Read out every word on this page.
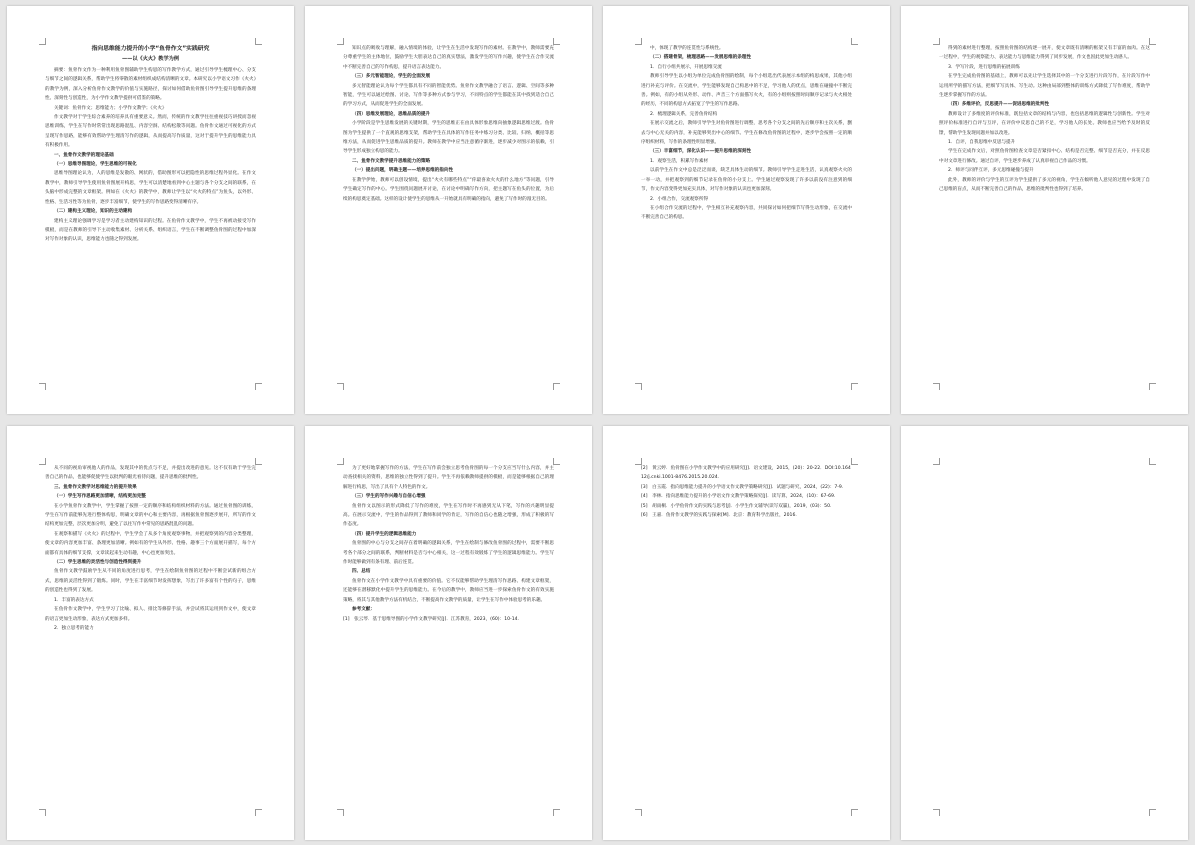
指向思维能力提升的小学“鱼骨作文”实践研究

——以《火火》教学为例

摘要：鱼骨作文作为一种利用鱼骨图辅助学生构思的写作教学方式，通过引导学生梳理中心、分支与细节之间的逻辑关系，帮助学生将零散的素材组织成结构清晰的文章。本研究以小学语文习作《火火》的教学为例，深入分析鱼骨作文教学的价值与实施路径，探讨如何借助鱼骨图引导学生提升思维的条理性、深刻性与创造性，为小学作文教学提供可借鉴的策略。

关键词：鱼骨作文；思维能力；小学作文教学；《火火》

作文教学对于学生综合素养的培养具有重要意义。然而，传统的作文教学往往重视技巧讲授而忽视思维训练，学生在写作时常常出现思路混乱、内容空洞、结构松散等问题。鱼骨作文通过可视化的方式呈现写作思路，能够有效帮助学生理清写作的逻辑，从而提高写作质量，这对于提升学生的思维能力具有积极作用。

一、鱼骨作文教学的理论基础

（一）思维导图理论，学生思维的可视化

思维导图理论认为，人的思维是发散的、网状的，借助图形可以把隐性的思维过程外显化。在作文教学中，教师引导学生使用鱼骨图展开构思，学生可以清楚地看到中心主题与各个分支之间的联系，在头脑中形成完整的文章框架。例如在《火火》的教学中，教师让学生以“火火的特点”为鱼头，以外形、性格、生活习性等为鱼骨，逐步丰富细节，使学生的写作思路变得清晰有序。

（二）建构主义理论，知识的主动建构

建构主义理论强调学习是学习者主动建构知识的过程。在鱼骨作文教学中，学生不再被动接受写作模板，而是在教师的引导下主动收集素材、分析关系、组织语言，学生在不断调整鱼骨图的过程中加深对写作对象的认识，思维能力也随之得到发展。

知识点的吸收与理解，融入情境的体验，让学生在生活中发现写作的素材。在教学中，教师需要充分尊重学生的主体地位，鼓励学生大胆表达自己的真实想法，激发学生的写作兴趣，使学生在合作交流中不断完善自己的写作构思，提升语言表达能力。

（三）多元智能理论，学生的全面发展

多元智能理论认为每个学生都具有不同的智能优势。鱼骨作文教学融合了语言、逻辑、空间等多种智能，学生可以通过绘图、讨论、写作等多种方式参与学习，不同特点的学生都能在其中找到适合自己的学习方式，从而促进学生的全面发展。

（四）思维发展理论，思维品质的提升

小学阶段是学生思维发展的关键时期，学生的思维正在由具体形象思维向抽象逻辑思维过渡。鱼骨图为学生提供了一个直观的思维支架，帮助学生在具体的写作任务中练习分类、比较、归纳、概括等思维方法，从而促进学生思维品质的提升。教师在教学中应当注意循序渐进，逐步减少对图示的依赖，引导学生形成独立构思的能力。

二、鱼骨作文教学提升思维能力的策略

（一）提出问题，明确主题——培养思维的指向性

在教学伊始，教师可以创设情境，提出“火火有哪些特点”“你最喜欢火火的什么地方”等问题，引导学生确定写作的中心。学生围绕问题展开讨论，在讨论中明确写作方向，把主题写在鱼头的位置，为后续的构思奠定基础。这样的设计使学生的思维从一开始就具有明确的指向，避免了写作时的漫无目的。

中，体现了教学的连贯性与系统性。

（二）搭建骨架，梳理思路——发展思维的条理性

1．自行小组共展示，开展思维交流

教师引导学生以小组为单位完成鱼骨图的绘制，每个小组选出代表展示本组的构思成果，其他小组进行补充与评价。在交流中，学生能够发现自己构思中的不足，学习他人的优点，思维在碰撞中不断完善。例如，有的小组从外形、动作、声音三个方面描写火火，有的小组则按照时间顺序记录与火火相处的经历，不同的构思方式拓宽了学生的写作思路。

2．梳理逻辑关系，完善鱼骨结构

在展示交流之后，教师引导学生对鱼骨图进行调整，思考各个分支之间的先后顺序和主次关系，删去与中心无关的内容，补充能够突出中心的细节。学生在修改鱼骨图的过程中，逐步学会按照一定的顺序组织材料，写作的条理性明显增强。

（三）丰富细节，深化认识——提升思维的深刻性

1．观察生活，积累写作素材

以前学生在作文中总是泛泛而谈，缺乏具体生动的细节。教师引导学生走进生活，认真观察火火的一举一动，并把观察到的细节记录在鱼骨的小分支上。学生通过观察发现了许多以前没有注意到的细节，作文内容变得更加充实具体，对写作对象的认识也更加深刻。

2．小组合作，交流观察所得

在小组合作交流的过程中，学生相互补充观察内容，共同探讨如何把细节写得生动形象，在交流中不断完善自己的构思。

得到的素材进行整理，按照鱼骨图的结构逐一展开，使文章既有清晰的框架又有丰富的血肉。在这一过程中，学生的观察能力、表达能力与思维能力得到了同步发展，作文也因此更加生动感人。

3．学写片段，进行思维的拓展训练

在学生完成鱼骨图的基础上，教师可以先让学生选择其中的一个分支进行片段写作，在片段写作中运用所学的描写方法，把细节写具体、写生动。这种由局部到整体的训练方式降低了写作难度，帮助学生逐步掌握写作的方法。

（四）多维评价，反思提升——促进思维的批判性

教师设计了多维度的评价标准，既包括文章的结构与内容，也包括思维的逻辑性与创新性。学生对照评价标准进行自评与互评，在评价中反思自己的不足，学习他人的长处。教师也应当给予及时的反馈，帮助学生发现问题并加以改进。

1．自评，自我思维中反思与提升

学生在完成作文后，对照鱼骨图检查文章是否紧扣中心、结构是否完整、细节是否充分，并在反思中对文章进行修改。通过自评，学生逐步养成了认真审视自己作品的习惯。

2．师评与同伴互评，多元思维碰撞与提升

此外，教师的评价与学生的互评为学生提供了多元的视角，学生在倾听他人意见的过程中发现了自己思维的盲点，从而不断完善自己的作品，思维的批判性也得到了培养。

从不同的视角审视他人的作品，发现其中的优点与不足，并提出改进的意见。这不仅有助于学生完善自己的作品，也能够促使学生以批判的眼光看待问题，提升思维的批判性。

三、鱼骨作文教学对思维能力的提升效果

（一）学生写作思路更加清晰，结构更加完整

在小学鱼骨作文教学中，学生掌握了按照一定的顺序和结构组织材料的方法。通过鱼骨图的训练，学生在写作前能够先进行整体构思，明确文章的中心和主要内容，再根据鱼骨图逐步展开，所写的作文结构更加完整，层次更加分明，避免了以往写作中常见的思路混乱的问题。

在观察和描写《火火》的过程中，学生学会了从多个角度观察事物，并把观察到的内容分类整理，使文章的内容更加丰富、条理更加清晰。例如有的学生从外形、性格、趣事三个方面展开描写，每个方面都有具体的细节支撑，文章读起来生动有趣，中心也更加突出。

（二）学生思维的灵活性与创造性得到提升

鱼骨作文教学鼓励学生从不同的角度进行思考，学生在绘制鱼骨图的过程中不断尝试新的组合方式，思维的灵活性得到了锻炼。同时，学生在丰富细节时发挥想象，写出了许多富有个性的句子，思维的创造性也得到了发展。

1．丰富的表达方式

在鱼骨作文教学中，学生学习了比喻、拟人、排比等修辞手法，并尝试将其运用到作文中，使文章的语言更加生动形象，表达方式更加多样。

2．独立思考的能力

为了更好地掌握写作的方法，学生在写作前会独立思考鱼骨图的每一个分支应当写什么内容，并主动查找相关的资料，思维的独立性得到了提升。学生不再依赖教师提供的模板，而是能够根据自己的理解进行构思，写出了具有个人特色的作文。

（三）学生的写作兴趣与自信心增强

鱼骨作文以图示的形式降低了写作的难度，学生在写作时不再感到无从下笔，写作的兴趣明显提高。在展示交流中，学生的作品得到了教师和同学的肯定，写作的自信心也随之增强，形成了积极的写作态度。

（四）提升学生的逻辑思维能力

鱼骨图的中心与分支之间存在着明确的逻辑关系，学生在绘制与修改鱼骨图的过程中，需要不断思考各个部分之间的联系，判断材料是否与中心相关，这一过程有效锻炼了学生的逻辑思维能力。学生写作时能够做到有条有理、前后连贯。

四、总结

鱼骨作文在小学作文教学中具有重要的价值。它不仅能够帮助学生理清写作思路、构建文章框架，还能够在潜移默化中提升学生的思维能力。在今后的教学中，教师应当进一步探索鱼骨作文的有效实施策略，将其与其他教学方法有机结合，不断提高作文教学的质量，让学生在写作中体验思考的乐趣。

参考文献：

[1]　张云琴．基于思维导图的小学作文教学研究[J]．江苏教育，2023，(60)：10-14.

[2]　黄云婷．鱼骨图在小学作文教学中的应用研究[J]．语文建设，2015，(20)：20-22．DOI:10.16412/j.cnki.1001-8476.2015.20.024.

[3]　白玉霞．指向思维能力提升的小学语文作文教学策略研究[J]．试题与研究，2024，(22)：7-9.

[4]　李林．指向思维能力提升的小学语文作文教学策略探究[J]．读写算，2024，(10)：67-69.

[5]　胡雨桐．小学鱼骨作文的实践与思考[J]．小学生作文辅导(读写双赢)，2019，(03)：50.

[6]　王嘉．鱼骨作文教学的实践与探索[M]．北京：教育科学出版社，2016.
